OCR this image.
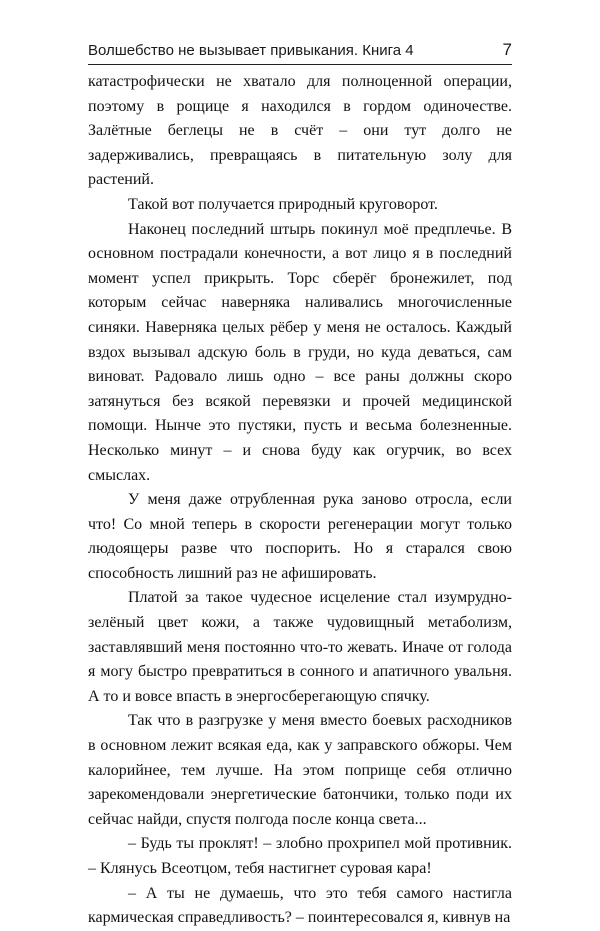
Волшебство не вызывает привыкания. Книга 4	7

катастрофически не хватало для полноценной операции, поэтому в рощице я находился в гордом одиночестве. Залётные беглецы не в счёт – они тут долго не задерживались, превращаясь в питательную золу для растений.

Такой вот получается природный круговорот.

Наконец последний штырь покинул моё предплечье. В основном пострадали конечности, а вот лицо я в последний момент успел прикрыть. Торс сберёг бронежилет, под которым сейчас наверняка наливались многочисленные синяки. Наверняка целых рёбер у меня не осталось. Каждый вздох вызывал адскую боль в груди, но куда деваться, сам виноват. Радовало лишь одно – все раны должны скоро затянуться без всякой перевязки и прочей медицинской помощи. Нынче это пустяки, пусть и весьма болезненные. Несколько минут – и снова буду как огурчик, во всех смыслах.

У меня даже отрубленная рука заново отросла, если что! Со мной теперь в скорости регенерации могут только людоящеры разве что поспорить. Но я старался свою способность лишний раз не афишировать.

Платой за такое чудесное исцеление стал изумрудно-зелёный цвет кожи, а также чудовищный метаболизм, заставлявший меня постоянно что-то жевать. Иначе от голода я могу быстро превратиться в сонного и апатичного увальня. А то и вовсе впасть в энергосберегающую спячку.

Так что в разгрузке у меня вместо боевых расходников в основном лежит всякая еда, как у заправского обжоры. Чем калорийнее, тем лучше. На этом поприще себя отлично зарекомендовали энергетические батончики, только поди их сейчас найди, спустя полгода после конца света...

– Будь ты проклят! – злобно прохрипел мой противник. – Клянусь Всеотцом, тебя настигнет суровая кара!

– А ты не думаешь, что это тебя самого настигла кармическая справедливость? – поинтересовался я, кивнув на
